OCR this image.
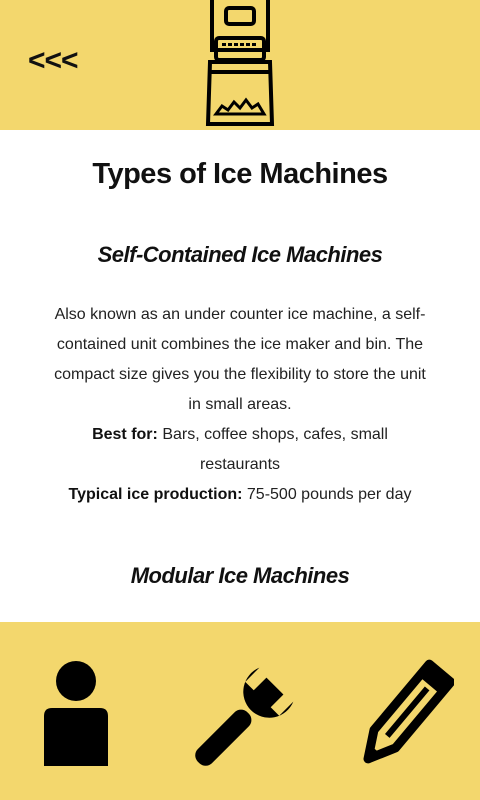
<<<
Types of Ice Machines
Self-Contained Ice Machines
Also known as an under counter ice machine, a self-contained unit combines the ice maker and bin. The compact size gives you the flexibility to store the unit in small areas.
Best for: Bars, coffee shops, cafes, small restaurants
Typical ice production: 75-500 pounds per day
Modular Ice Machines
